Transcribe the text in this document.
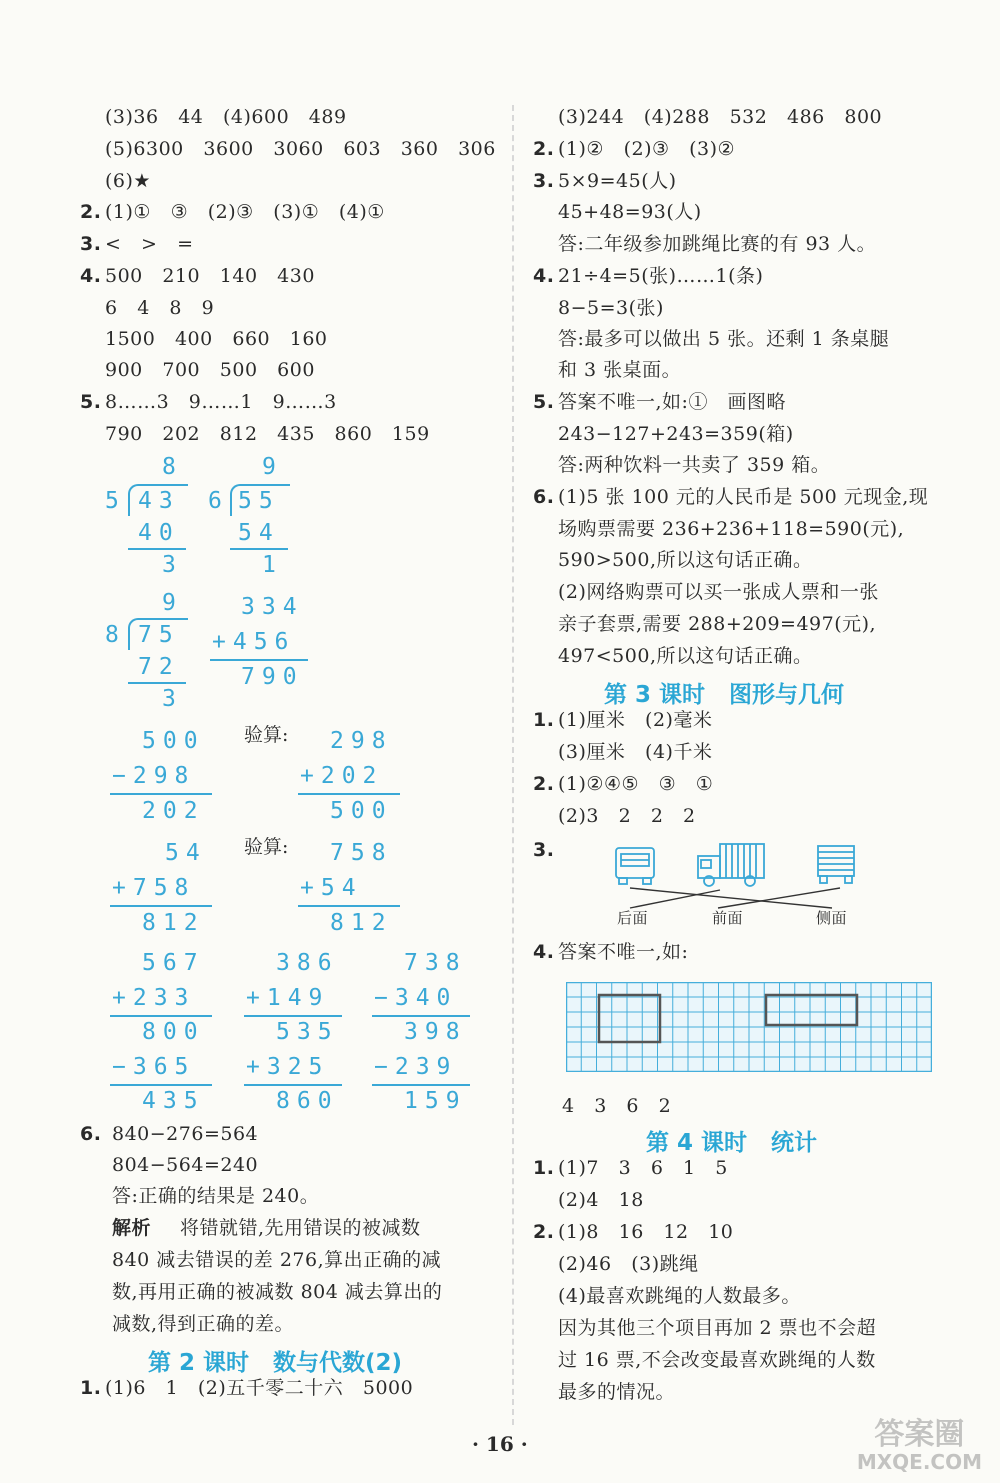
(3)36   44   (4)600   489
(5)6300   3600   3060   603   360   306
(6)★
2. (1)①   ③   (2)③   (3)①   (4)①
3. <   >   =
4. 500   210   140   430
6   4   8   9
1500   400   660   160
900   700   500   600
5. 8……3   9……1   9……3
790   202   812   435   860   159
8
5 43
40
3
9
6 55
54
1
9
8 75
72
3
334
+456
790
500
−298
202
验算: 298
+202
500
54
+758
812
验算: 758
+54
812
567
+233
800
−365
435
386
+149
535
+325
860
738
−340
398
−239
159
6. 840−276=564
804−564=240
答:正确的结果是 240。
解析 将错就错,先用错误的被减数
840 减去错误的差 276,算出正确的减
数,再用正确的被减数 804 减去算出的
减数,得到正确的差。
第 2 课时   数与代数(2)
1. (1)6   1   (2)五千零二十六   5000
(3)244   (4)288   532   486   800
2. (1)②   (2)③   (3)②
3. 5×9=45(人)
45+48=93(人)
答:二年级参加跳绳比赛的有 93 人。
4. 21÷4=5(张)……1(条)
8−5=3(张)
答:最多可以做出 5 张。还剩 1 条桌腿
和 3 张桌面。
5. 答案不唯一,如:①   画图略
243−127+243=359(箱)
答:两种饮料一共卖了 359 箱。
6. (1)5 张 100 元的人民币是 500 元现金,现
场购票需要 236+236+118=590(元),
590>500,所以这句话正确。
(2)网络购票可以买一张成人票和一张
亲子套票,需要 288+209=497(元),
497<500,所以这句话正确。
第 3 课时   图形与几何
1. (1)厘米   (2)毫米
(3)厘米   (4)千米
2. (1)②④⑤   ③   ①
(2)3   2   2   2
3.
后面	前面	侧面
4. 答案不唯一,如:
4   3   6   2
第 4 课时   统计
1. (1)7   3   6   1   5
(2)4   18
2. (1)8   16   12   10
(2)46   (3)跳绳
(4)最喜欢跳绳的人数最多。
因为其他三个项目再加 2 票也不会超
过 16 票,不会改变最喜欢跳绳的人数
最多的情况。
· 16 ·	答案圈
MXQE.COM
